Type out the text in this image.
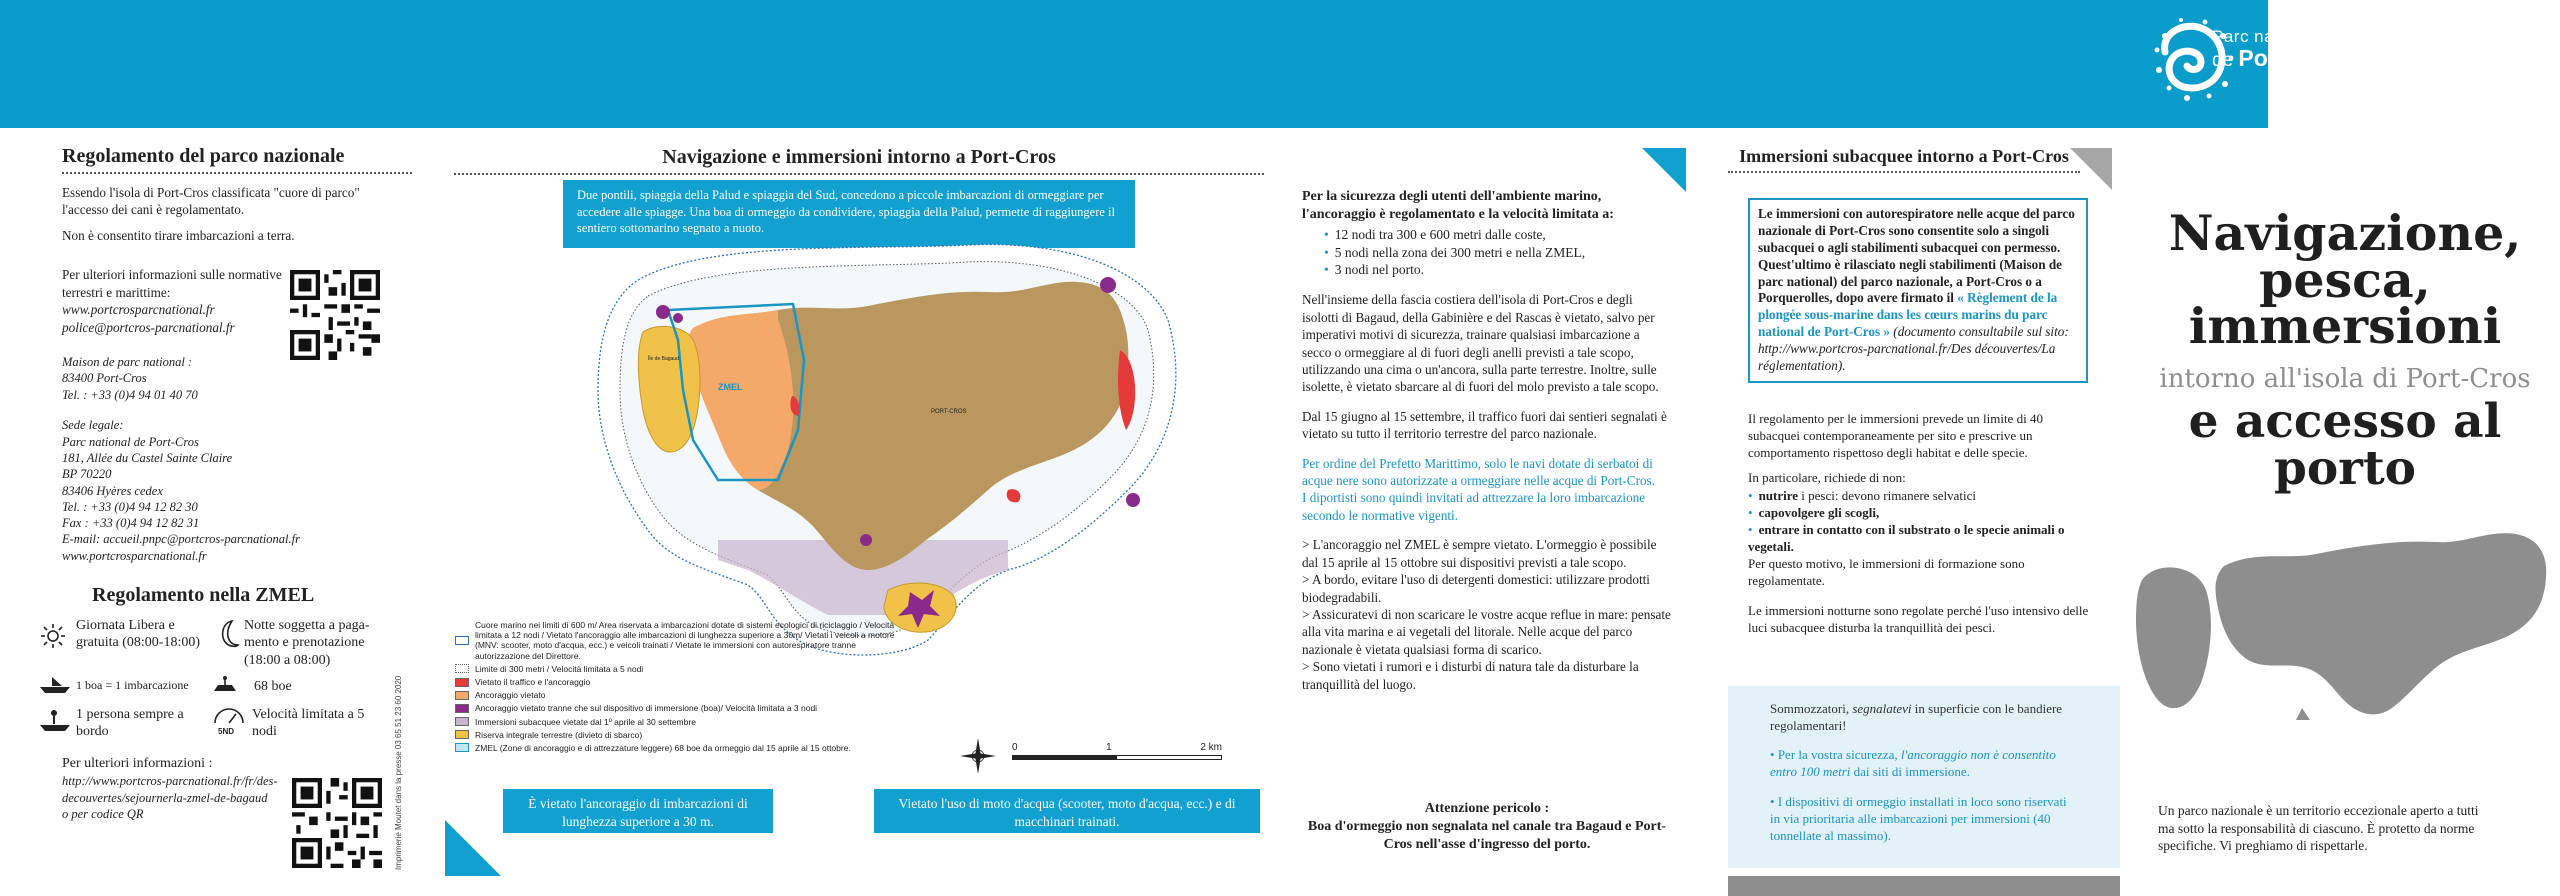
Parc national
de Port-Cros
Regolamento del parco nazionale

Essendo l'isola di Port-Cros classificata "cuore di parco" l'accesso dei cani è regolamentato.

Non è consentito tirare imbarcazioni a terra.

Per ulteriori informazioni sulle normative terrestri e marittime:

www.portcrosparcnational.fr

police@portcros-parcnational.fr

Maison de parc national :

83400 Port-Cros

Tel. : +33 (0)4 94 01 40 70

Sede legale:

Parc national de Port-Cros

181, Allée du Castel Sainte Claire

BP 70220

83406 Hyères cedex

Tel. : +33 (0)4 94 12 82 30

Fax : +33 (0)4 94 12 82 31

E-mail: accueil.pnpc@portcros-parcnational.fr

www.portcrosparcnational.fr

Regolamento nella ZMEL

Giornata Libera e gratuita (08:00-18:00)

Notte soggetta a paga-mento e prenotazione (18:00 a 08:00)

1 boa = 1 imbarcazione	68 boe

1 persona sempre a bordo	5ND

Velocità limitata a 5 nodi

Per ulteriori informazioni :

http://www.portcros-parcnational.fr/fr/des-decouvertes/sejournerla-zmel-de-bagaud

o per codice QR	Imprimerie Moutet dans la presse 03 65 51 23 60 2020
Navigazione e immersioni intorno a Port-Cros
Due pontili, spiaggia della Palud e spiaggia del Sud, concedono a piccole imbarcazioni di ormeggiare per accedere alle spiagge. Una boa di ormeggio da condividere, spiaggia della Palud, permette di raggiungere il sentiero sottomarino segnato a nuoto.
ZMEL
PORT-CROS
Île de Bagaud
0	1	2 km
Cuore marino nei limiti di 600 m/ Area riservata a imbarcazioni dotate di sistemi ecologici di riciclaggio / Velocità limitata a 12 nodi / Vietato l'ancoraggio alle imbarcazioni di lunghezza superiore a 30m/ Vietati i veicoli a motore (MNV: scooter, moto d'acqua, ecc.) e veicoli trainati / Vietate le immersioni con autorespiratore tranne autorizzazione del Direttore.
Limite di 300 metri / Velocità limitata a 5 nodi
Vietato il traffico e l'ancoraggio
Ancoraggio vietato
Ancoraggio vietato tranne che sul dispositivo di immersione (boa)/ Velocità limitata a 3 nodi
Immersioni subacquee vietate dal 1º aprile al 30 settembre
Riserva integrale terrestre (divieto di sbarco)
ZMEL (Zone di ancoraggio e di attrezzature leggere) 68 boe da ormeggio dal 15 aprile al 15 ottobre.
È vietato l'ancoraggio di imbarcazioni di lunghezza superiore a 30 m.
Vietato l'uso di moto d'acqua (scooter, moto d'acqua, ecc.) e di macchinari trainati.

Per la sicurezza degli utenti dell'ambiente marino, l'ancoraggio è regolamentato e la velocità limitata a:

• 12 nodi tra 300 e 600 metri dalle coste,
• 5 nodi nella zona dei 300 metri e nella ZMEL,
• 3 nodi nel porto.

Nell'insieme della fascia costiera dell'isola di Port-Cros e degli isolotti di Bagaud, della Gabinière e del Rascas è vietato, salvo per imperativi motivi di sicurezza, trainare qualsiasi imbarcazione a secco o ormeggiare al di fuori degli anelli previsti a tale scopo, utilizzando una cima o un'ancora, sulla parte terrestre. Inoltre, sulle isolette, è vietato sbarcare al di fuori del molo previsto a tale scopo.

Dal 15 giugno al 15 settembre, il traffico fuori dai sentieri segnalati è vietato su tutto il territorio terrestre del parco nazionale.

Per ordine del Prefetto Marittimo, solo le navi dotate di serbatoi di acque nere sono autorizzate a ormeggiare nelle acque di Port-Cros.

I diportisti sono quindi invitati ad attrezzare la loro imbarcazione secondo le normative vigenti.

> L'ancoraggio nel ZMEL è sempre vietato. L'ormeggio è possibile dal 15 aprile al 15 ottobre sui dispositivi previsti a tale scopo.

> A bordo, evitare l'uso di detergenti domestici: utilizzare prodotti biodegradabili.

> Assicuratevi di non scaricare le vostre acque reflue in mare: pensate alla vita marina e ai vegetali del litorale. Nelle acque del parco nazionale è vietata qualsiasi forma di scarico.

> Sono vietati i rumori e i disturbi di natura tale da disturbare la tranquillità del luogo.

Attenzione pericolo :

Boa d'ormeggio non segnalata nel canale tra Bagaud e Port-Cros nell'asse d'ingresso del porto.

Immersioni subacquee intorno a Port-Cros

Le immersioni con autorespiratore nelle acque del parco nazionale di Port-Cros sono consentite solo a singoli subacquei o agli stabilimenti subacquei con permesso. Quest'ultimo è rilasciato negli stabilimenti (Maison de parc national) del parco nazionale, a Port-Cros o a Porquerolles, dopo avere firmato il « Règlement de la plongée sous-marine dans les cœurs marins du parc national de Port-Cros » (documento consultabile sul sito: http://www.portcros-parcnational.fr/Des découvertes/La réglementation).

Il regolamento per le immersioni prevede un limite di 40 subacquei contemporaneamente per sito e prescrive un comportamento rispettoso degli habitat e delle specie.

In particolare, richiede di non:

• nutrire i pesci: devono rimanere selvatici
• capovolgere gli scogli,
• entrare in contatto con il substrato o le specie animali o vegetali.

Per questo motivo, le immersioni di formazione sono regolamentate.

Le immersioni notturne sono regolate perché l'uso intensivo delle luci subacquee disturba la tranquillità dei pesci.

Sommozzatori, segnalatevi in superficie con le bandiere regolamentari!

• Per la vostra sicurezza, l'ancoraggio non è consentito entro 100 metri dai siti di immersione.

• I dispositivi di ormeggio installati in loco sono riservati in via prioritaria alle imbarcazioni per immersioni (40 tonnellate al massimo).

Navigazione,
pesca,
immersioni
intorno all'isola di Port-Cros
e accesso al
porto
Un parco nazionale è un territorio eccezionale aperto a tutti ma sotto la responsabilità di ciascuno. È protetto da norme specifiche. Vi preghiamo di rispettarle.
